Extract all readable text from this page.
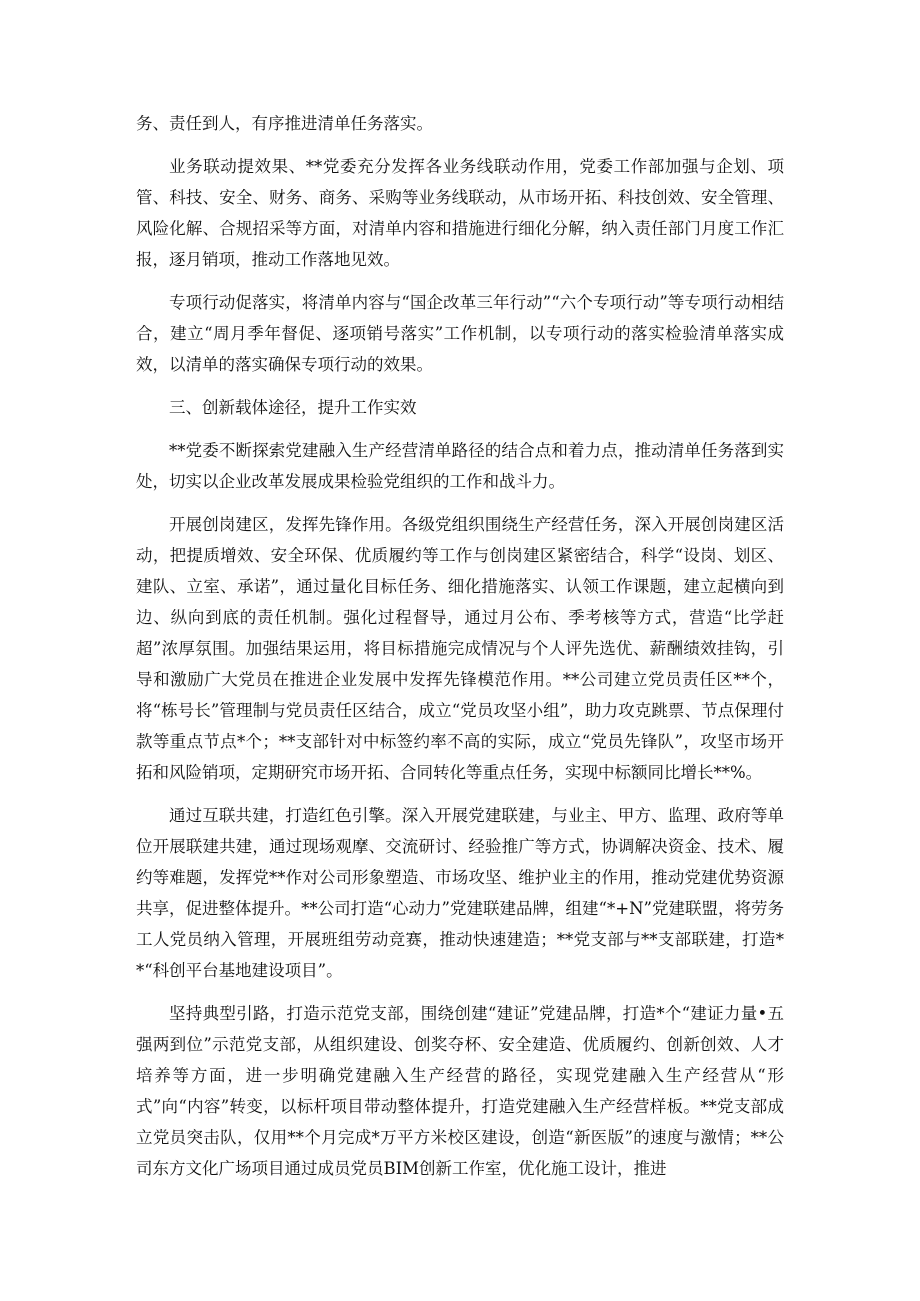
务、责任到人，有序推进清单任务落实。

业务联动提效果、**党委充分发挥各业务线联动作用，党委工作部加强与企划、项管、科技、安全、财务、商务、采购等业务线联动，从市场开拓、科技创效、安全管理、风险化解、合规招采等方面，对清单内容和措施进行细化分解，纳入责任部门月度工作汇报，逐月销项，推动工作落地见效。

专项行动促落实，将清单内容与“国企改革三年行动”“六个专项行动”等专项行动相结合，建立“周月季年督促、逐项销号落实”工作机制，以专项行动的落实检验清单落实成效，以清单的落实确保专项行动的效果。

三、创新载体途径，提升工作实效

**党委不断探索党建融入生产经营清单路径的结合点和着力点，推动清单任务落到实处，切实以企业改革发展成果检验党组织的工作和战斗力。

开展创岗建区，发挥先锋作用。各级党组织围绕生产经营任务，深入开展创岗建区活动，把提质增效、安全环保、优质履约等工作与创岗建区紧密结合，科学“设岗、划区、建队、立室、承诺”，通过量化目标任务、细化措施落实、认领工作课题，建立起横向到边、纵向到底的责任机制。强化过程督导，通过月公布、季考核等方式，营造“比学赶超”浓厚氛围。加强结果运用，将目标措施完成情况与个人评先选优、薪酬绩效挂钩，引导和激励广大党员在推进企业发展中发挥先锋模范作用。**公司建立党员责任区**个，将“栋号长”管理制与党员责任区结合，成立“党员攻坚小组”，助力攻克跳票、节点保理付款等重点节点*个；**支部针对中标签约率不高的实际，成立“党员先锋队”，攻坚市场开拓和风险销项，定期研究市场开拓、合同转化等重点任务，实现中标额同比增长**%。

通过互联共建，打造红色引擎。深入开展党建联建，与业主、甲方、监理、政府等单位开展联建共建，通过现场观摩、交流研讨、经验推广等方式，协调解决资金、技术、履约等难题，发挥党**作对公司形象塑造、市场攻坚、维护业主的作用，推动党建优势资源共享，促进整体提升。**公司打造“心动力”党建联建品牌，组建“*+N”党建联盟，将劳务工人党员纳入管理，开展班组劳动竞赛，推动快速建造；**党支部与**支部联建，打造**“科创平台基地建设项目”。

坚持典型引路，打造示范党支部，围绕创建“建证”党建品牌，打造*个“建证力量•五强两到位”示范党支部，从组织建设、创奖夺杯、安全建造、优质履约、创新创效、人才培养等方面，进一步明确党建融入生产经营的路径，实现党建融入生产经营从“形式”向“内容”转变，以标杆项目带动整体提升，打造党建融入生产经营样板。**党支部成立党员突击队，仅用**个月完成*万平方米校区建设，创造“新医版”的速度与激情；**公司东方文化广场项目通过成员党员BIM创新工作室，优化施工设计，推进
